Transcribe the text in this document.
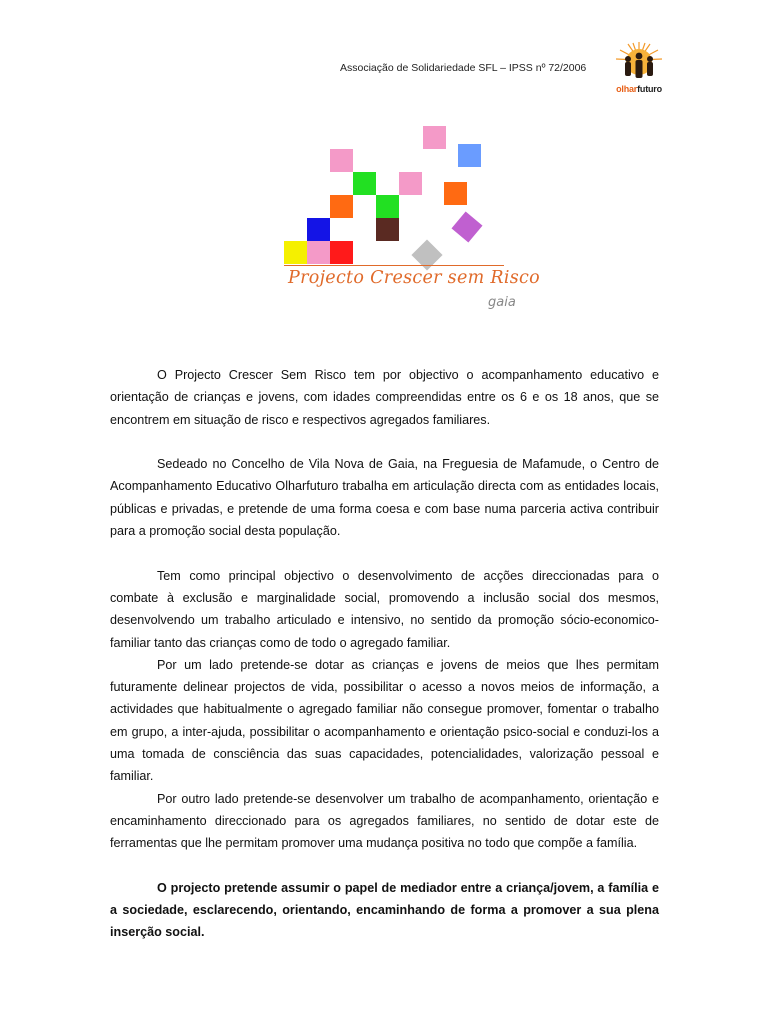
Associação de Solidariedade SFL – IPSS nº 72/2006
olharfuturo
Projecto Crescer sem Risco
gaia

O Projecto Crescer Sem Risco tem por objectivo o acompanhamento educativo e orientação de crianças e jovens, com idades compreendidas entre os 6 e os 18 anos, que se encontrem em situação de risco e respectivos agregados familiares.

Sedeado no Concelho de Vila Nova de Gaia, na Freguesia de Mafamude, o Centro de Acompanhamento Educativo Olharfuturo trabalha em articulação directa com as entidades locais, públicas e privadas, e pretende de uma forma coesa e com base numa parceria activa contribuir para a promoção social desta população.

Tem como principal objectivo o desenvolvimento de acções direccionadas para o combate à exclusão e marginalidade social, promovendo a inclusão social dos mesmos, desenvolvendo um trabalho articulado e intensivo, no sentido da promoção sócio-economico-familiar tanto das crianças como de todo o agregado familiar.

Por um lado pretende-se dotar as crianças e jovens de meios que lhes permitam futuramente delinear projectos de vida, possibilitar o acesso a novos meios de informação, a actividades que habitualmente o agregado familiar não consegue promover, fomentar o trabalho em grupo, a inter-ajuda, possibilitar o acompanhamento e orientação psico-social e conduzi-los a uma tomada de consciência das suas capacidades, potencialidades, valorização pessoal e familiar.

Por outro lado pretende-se desenvolver um trabalho de acompanhamento, orientação e encaminhamento direccionado para os agregados familiares, no sentido de dotar este de ferramentas que lhe permitam promover uma mudança positiva no todo que compõe a família.

O projecto pretende assumir o papel de mediador entre a criança/jovem, a família e a sociedade, esclarecendo, orientando, encaminhando de forma a promover a sua plena inserção social.
